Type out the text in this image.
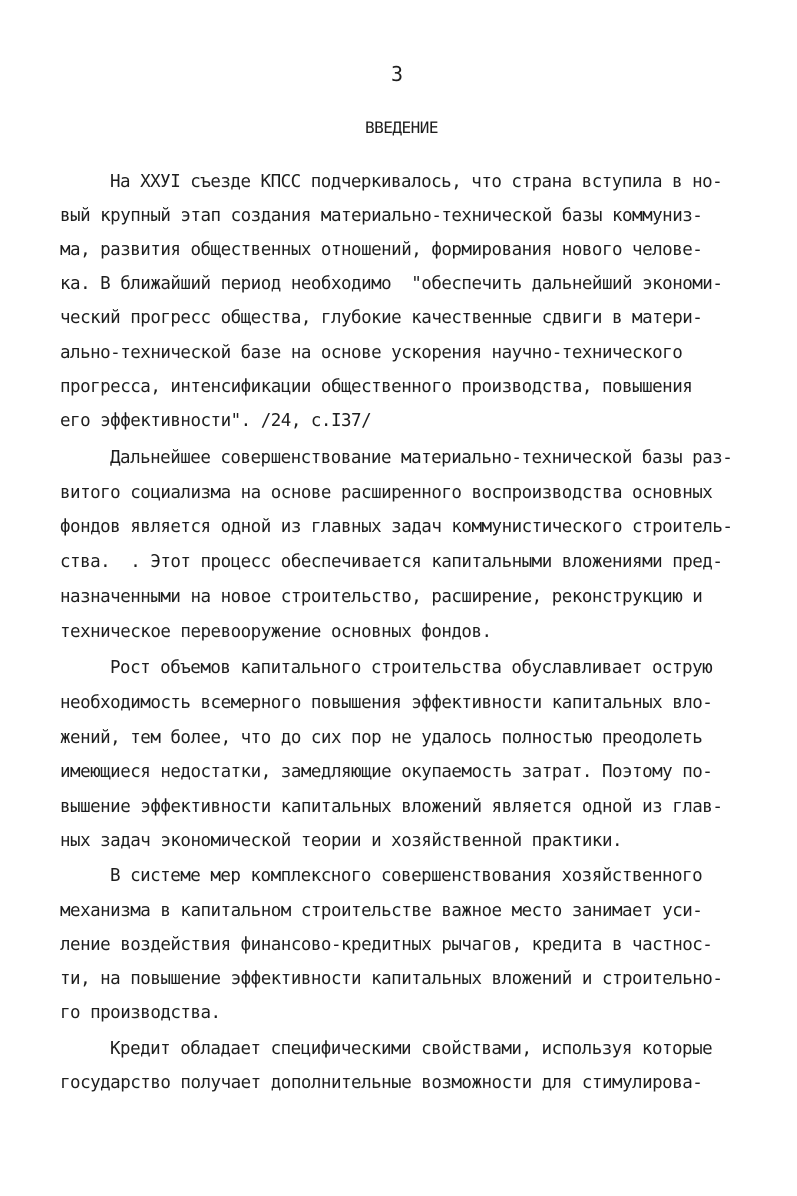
3
ВВЕДЕНИЕ
На ХХУI съезде КПСС подчеркивалось, что страна вступила в но-
вый крупный этап создания материально-технической базы коммуниз-
ма, развития общественных отношений, формирования нового челове-
ка. В ближайший период необходимо  "обеспечить дальнейший экономи-
ческий прогресс общества, глубокие качественные сдвиги в матери-
ально-технической базе на основе ускорения научно-технического
прогресса, интенсификации общественного производства, повышения
его эффективности". /24, с.I37/
Дальнейшее совершенствование материально-технической базы раз-
витого социализма на основе расширенного воспроизводства основных
фондов является одной из главных задач коммунистического строитель-
ства.  . Этот процесс обеспечивается капитальными вложениями пред-
назначенными на новое строительство, расширение, реконструкцию и
техническое перевооружение основных фондов.
Рост объемов капитального строительства обуславливает острую
необходимость всемерного повышения эффективности капитальных вло-
жений, тем более, что до сих пор не удалось полностью преодолеть
имеющиеся недостатки, замедляющие окупаемость затрат. Поэтому по-
вышение эффективности капитальных вложений является одной из глав-
ных задач экономической теории и хозяйственной практики.
В системе мер комплексного совершенствования хозяйственного
механизма в капитальном строительстве важное место занимает уси-
ление воздействия финансово-кредитных рычагов, кредита в частнос-
ти, на повышение эффективности капитальных вложений и строительно-
го производства.
Кредит обладает специфическими свойствами, используя которые
государство получает дополнительные возможности для стимулирова-
